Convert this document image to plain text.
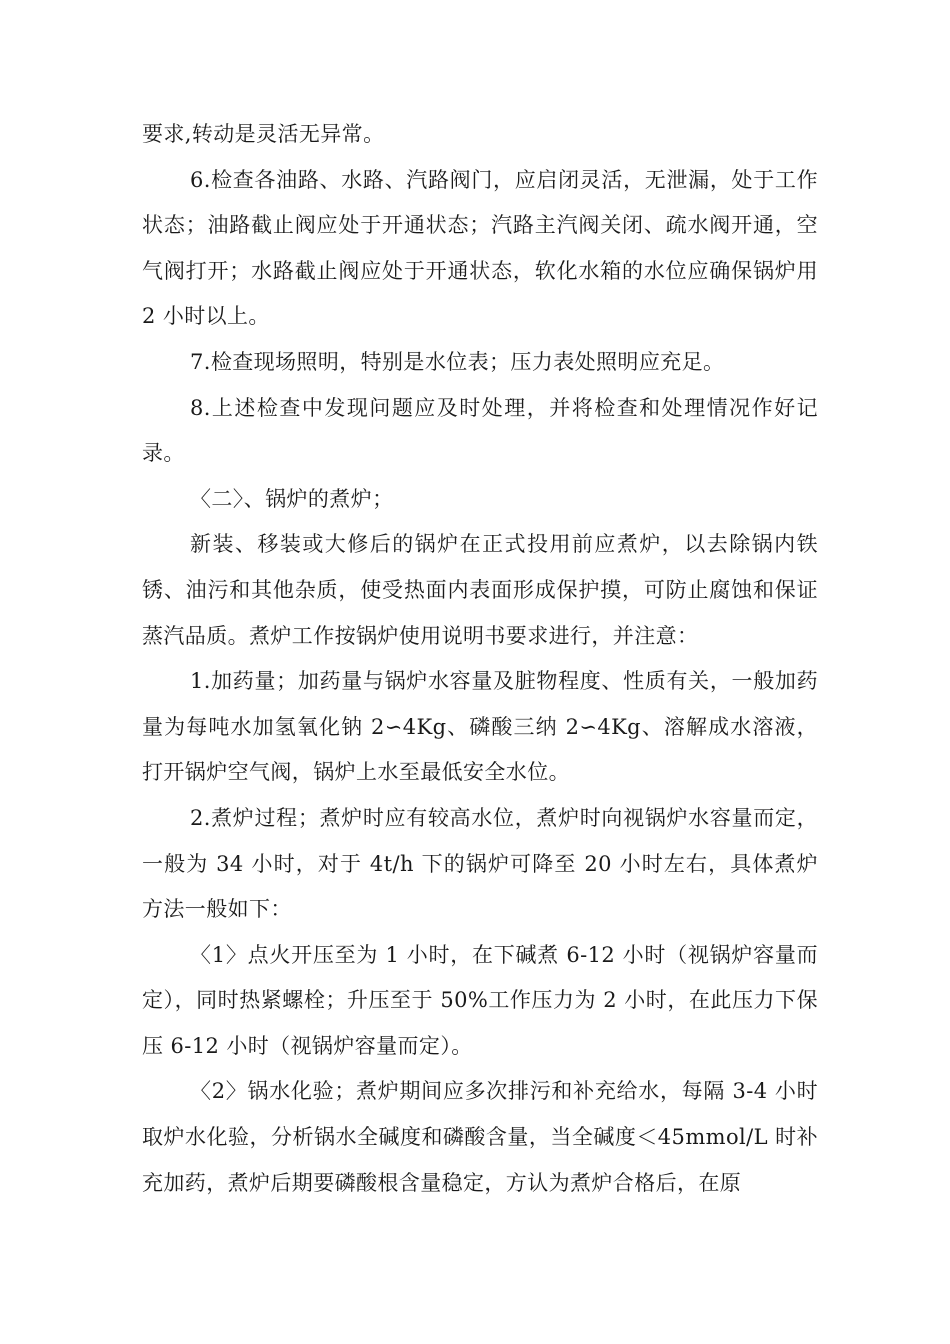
要求,转动是灵活无异常。

6.检查各油路、水路、汽路阀门，应启闭灵活，无泄漏，处于工作状态；油路截止阀应处于开通状态；汽路主汽阀关闭、疏水阀开通，空气阀打开；水路截止阀应处于开通状态，软化水箱的水位应确保锅炉用 2 小时以上。

7.检查现场照明，特别是水位表；压力表处照明应充足。

8.上述检查中发现问题应及时处理，并将检查和处理情况作好记录。

〈二〉、锅炉的煮炉；

新装、移装或大修后的锅炉在正式投用前应煮炉，以去除锅内铁锈、油污和其他杂质，使受热面内表面形成保护摸，可防止腐蚀和保证蒸汽品质。煮炉工作按锅炉使用说明书要求进行，并注意：

1.加药量；加药量与锅炉水容量及脏物程度、性质有关，一般加药量为每吨水加氢氧化钠 2∽4Kg、磷酸三纳 2∽4Kg、溶解成水溶液，打开锅炉空气阀，锅炉上水至最低安全水位。

2.煮炉过程；煮炉时应有较高水位，煮炉时向视锅炉水容量而定，一般为 34 小时，对于 4t/h 下的锅炉可降至 20 小时左右，具体煮炉方法一般如下：

〈1〉点火开压至为 1 小时，在下碱煮 6-12 小时（视锅炉容量而定），同时热紧螺栓；升压至于 50%工作压力为 2 小时，在此压力下保压 6-12 小时（视锅炉容量而定）。

〈2〉锅水化验；煮炉期间应多次排污和补充给水，每隔 3-4 小时取炉水化验，分析锅水全碱度和磷酸含量，当全碱度＜45mmol/L 时补充加药，煮炉后期要磷酸根含量稳定，方认为煮炉合格后，在原
